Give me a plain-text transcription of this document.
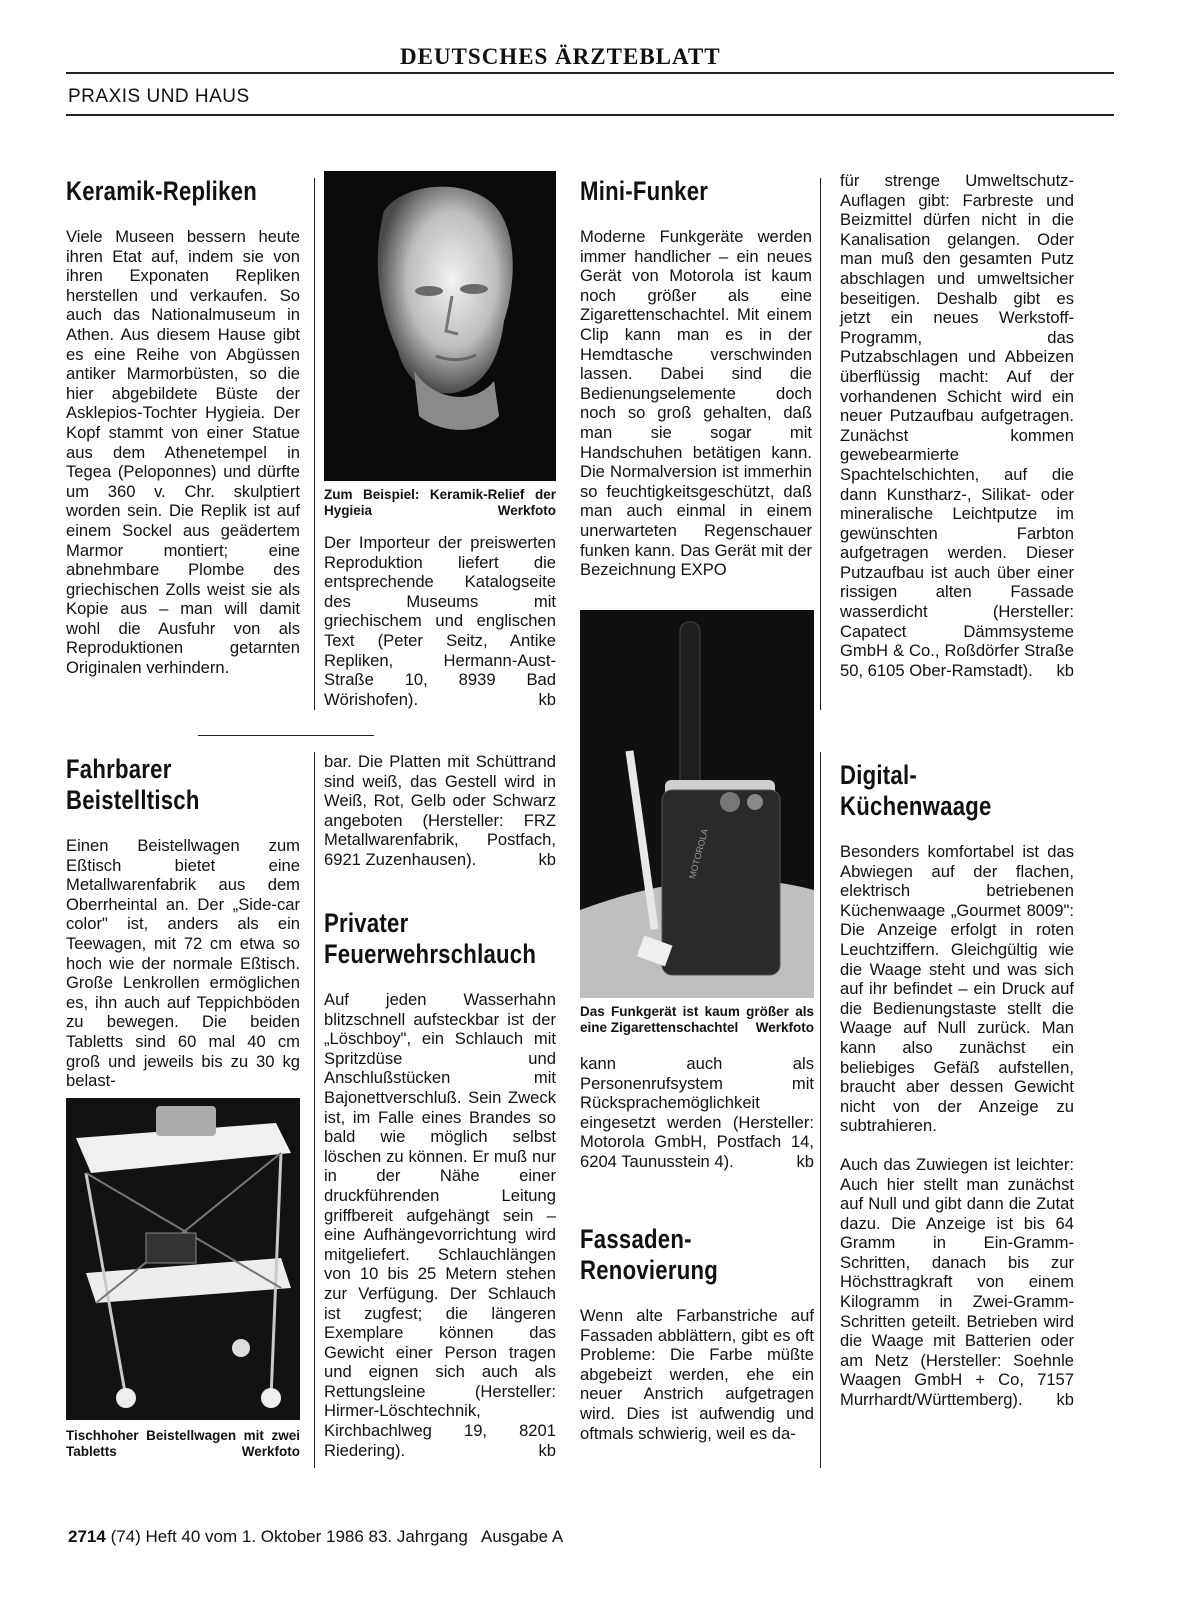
DEUTSCHES ÄRZTEBLATT
PRAXIS UND HAUS
Keramik-Repliken

Viele Museen bessern heute ihren Etat auf, indem sie von ihren Exponaten Repliken herstellen und verkaufen. So auch das Nationalmuseum in Athen. Aus diesem Hause gibt es eine Reihe von Abgüssen antiker Marmorbüsten, so die hier abgebildete Büste der Asklepios-Tochter Hygieia. Der Kopf stammt von einer Statue aus dem Athenetempel in Tegea (Peloponnes) und dürfte um 360 v. Chr. skulptiert worden sein. Die Replik ist auf einem Sockel aus geädertem Marmor montiert; eine abnehmbare Plombe des griechischen Zolls weist sie als Kopie aus – man will damit wohl die Ausfuhr von als Reproduktionen getarnten Originalen verhindern.

Zum Beispiel: Keramik-Relief der Hygieia	Werkfoto

Der Importeur der preiswerten Reproduktion liefert die entsprechende Katalogseite des Museums mit griechischem und englischen Text (Peter Seitz, Antike Repliken, Hermann-Aust-Straße 10, 8939 Bad Wörishofen).	kb

Mini-Funker

Moderne Funkgeräte werden immer handlicher – ein neues Gerät von Motorola ist kaum noch größer als eine Zigarettenschachtel. Mit einem Clip kann man es in der Hemdtasche verschwinden lassen. Dabei sind die Bedienungselemente doch noch so groß gehalten, daß man sie sogar mit Handschuhen betätigen kann. Die Normalversion ist immerhin so feuchtigkeitsgeschützt, daß man auch einmal in einem unerwarteten Regenschauer funken kann. Das Gerät mit der Bezeichnung EXPO

MOTOROLA
Das Funkgerät ist kaum größer als eine Zigarettenschachtel Werkfoto

kann auch als Personenrufsystem mit Rücksprachemöglichkeit eingesetzt werden (Hersteller: Motorola GmbH, Postfach 14, 6204 Taunusstein 4).	kb

Fassaden-Renovierung

Wenn alte Farbanstriche auf Fassaden abblättern, gibt es oft Probleme: Die Farbe müßte abgebeizt werden, ehe ein neuer Anstrich aufgetragen wird. Dies ist aufwendig und oftmals schwierig, weil es da-

für strenge Umweltschutz-Auflagen gibt: Farbreste und Beizmittel dürfen nicht in die Kanalisation gelangen. Oder man muß den gesamten Putz abschlagen und umweltsicher beseitigen. Deshalb gibt es jetzt ein neues Werkstoff-Programm, das Putzabschlagen und Abbeizen überflüssig macht: Auf der vorhandenen Schicht wird ein neuer Putzaufbau aufgetragen. Zunächst kommen gewebearmierte Spachtelschichten, auf die dann Kunstharz-, Silikat- oder mineralische Leichtputze im gewünschten Farbton aufgetragen werden. Dieser Putzaufbau ist auch über einer rissigen alten Fassade wasserdicht (Hersteller: Capatect Dämmsysteme GmbH & Co., Roßdörfer Straße 50, 6105 Ober-Ramstadt). kb

Fahrbarer Beistelltisch

Einen Beistellwagen zum Eßtisch bietet eine Metallwarenfabrik aus dem Oberrheintal an. Der „Side-car color" ist, anders als ein Teewagen, mit 72 cm etwa so hoch wie der normale Eßtisch. Große Lenkrollen ermöglichen es, ihn auch auf Teppichböden zu bewegen. Die beiden Tabletts sind 60 mal 40 cm groß und jeweils bis zu 30 kg belast-

Tischhoher Beistellwagen mit zwei Tabletts	Werkfoto

bar. Die Platten mit Schüttrand sind weiß, das Gestell wird in Weiß, Rot, Gelb oder Schwarz angeboten (Hersteller: FRZ Metallwarenfabrik, Postfach, 6921 Zuzenhausen).	kb

Privater Feuerwehrschlauch

Auf jeden Wasserhahn blitzschnell aufsteckbar ist der „Löschboy", ein Schlauch mit Spritzdüse und Anschlußstücken mit Bajonettverschluß. Sein Zweck ist, im Falle eines Brandes so bald wie möglich selbst löschen zu können. Er muß nur in der Nähe einer druckführenden Leitung griffbereit aufgehängt sein – eine Aufhängevorrichtung wird mitgeliefert. Schlauchlängen von 10 bis 25 Metern stehen zur Verfügung. Der Schlauch ist zugfest; die längeren Exemplare können das Gewicht einer Person tragen und eignen sich auch als Rettungsleine (Hersteller: Hirmer-Löschtechnik, Kirchbachlweg 19, 8201 Riedering).	kb

Digital-Küchenwaage

Besonders komfortabel ist das Abwiegen auf der flachen, elektrisch betriebenen Küchenwaage „Gourmet 8009": Die Anzeige erfolgt in roten Leuchtziffern. Gleichgültig wie die Waage steht und was sich auf ihr befindet – ein Druck auf die Bedienungstaste stellt die Waage auf Null zurück. Man kann also zunächst ein beliebiges Gefäß aufstellen, braucht aber dessen Gewicht nicht von der Anzeige zu subtrahieren.

Auch das Zuwiegen ist leichter: Auch hier stellt man zunächst auf Null und gibt dann die Zutat dazu. Die Anzeige ist bis 64 Gramm in Ein-Gramm-Schritten, danach bis zur Höchsttragkraft von einem Kilogramm in Zwei-Gramm-Schritten geteilt. Betrieben wird die Waage mit Batterien oder am Netz (Hersteller: Soehnle Waagen GmbH + Co, 7157 Murrhardt/Württemberg). kb

2714 (74) Heft 40 vom 1. Oktober 1986 83. Jahrgang   Ausgabe A
